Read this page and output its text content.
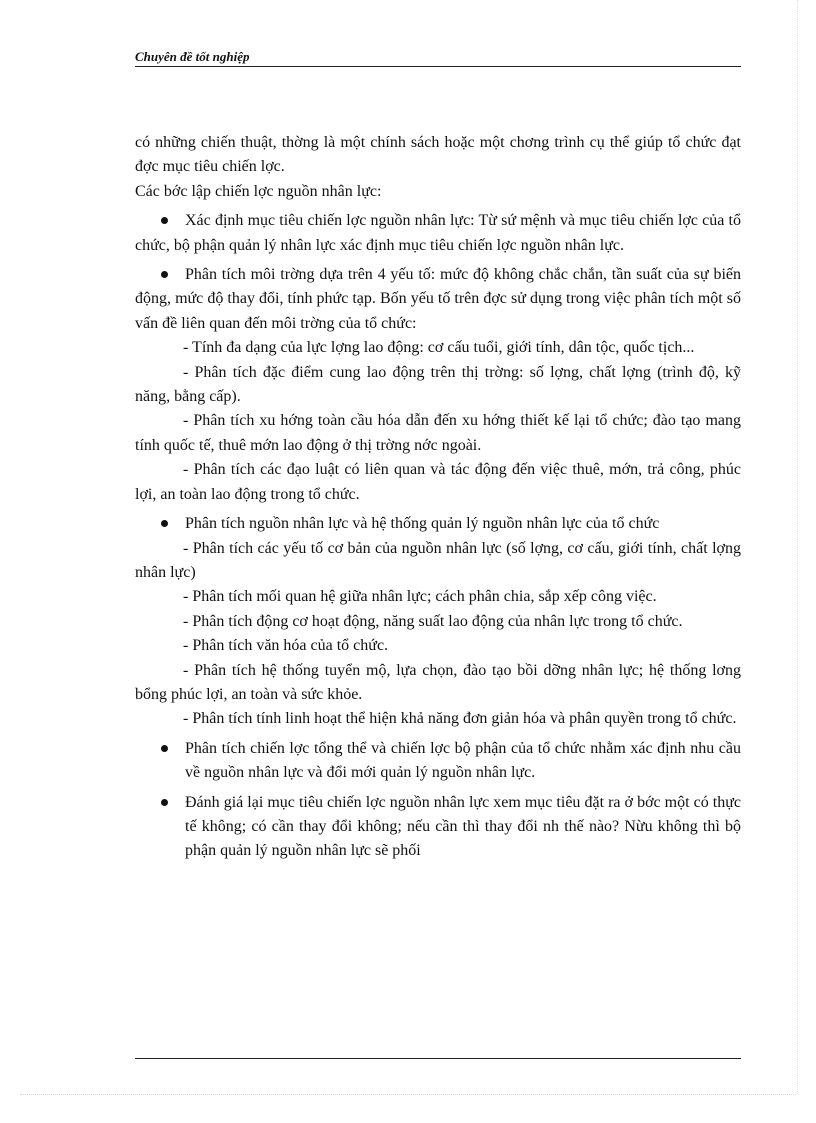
Chuyên đề tốt nghiệp

có những chiến thuật, thờng là một chính sách hoặc một chơng trình cụ thể giúp tổ chức đạt đợc mục tiêu chiến lợc.

Các bớc lập chiến lợc nguồn nhân lực:

Xác định mục tiêu chiến lợc nguồn nhân lực: Từ sứ mệnh và mục tiêu chiến lợc của tổ chức, bộ phận quản lý nhân lực xác định mục tiêu chiến lợc nguồn nhân lực.

Phân tích môi trờng dựa trên 4 yếu tố: mức độ không chắc chắn, tần suất của sự biến động, mức độ thay đổi, tính phức tạp. Bốn yếu tố trên đợc sử dụng trong việc phân tích một số vấn đề liên quan đến môi trờng của tổ chức:

- Tính đa dạng của lực lợng lao động: cơ cấu tuổi, giới tính, dân tộc, quốc tịch...

- Phân tích đặc điểm cung lao động trên thị trờng: số lợng, chất lợng (trình độ, kỹ năng, bằng cấp).

- Phân tích xu hớng toàn cầu hóa dẫn đến xu hớng thiết kế lại tổ chức; đào tạo mang tính quốc tế, thuê mớn lao động ở thị trờng nớc ngoài.

- Phân tích các đạo luật có liên quan và tác động đến việc thuê, mớn, trả công, phúc lợi, an toàn lao động trong tổ chức.

Phân tích nguồn nhân lực và hệ thống quản lý nguồn nhân lực của tổ chức

- Phân tích các yếu tố cơ bản của nguồn nhân lực (số lợng, cơ cấu, giới tính, chất lợng nhân lực)

- Phân tích mối quan hệ giữa nhân lực; cách phân chia, sắp xếp công việc.

- Phân tích động cơ hoạt động, năng suất lao động của nhân lực trong tổ chức.

- Phân tích văn hóa của tổ chức.

- Phân tích hệ thống tuyển mộ, lựa chọn, đào tạo bồi dỡng nhân lực; hệ thống lơng bổng phúc lợi, an toàn và sức khỏe.

- Phân tích tính linh hoạt thể hiện khả năng đơn giản hóa và phân quyền trong tổ chức.

Phân tích chiến lợc tổng thể và chiến lợc bộ phận của tổ chức nhằm xác định nhu cầu về nguồn nhân lực và đổi mới quản lý nguồn nhân lực.

Đánh giá lại mục tiêu chiến lợc nguồn nhân lực xem mục tiêu đặt ra ở bớc một có thực tế không; có cần thay đổi không; nếu cần thì thay đổi nh thế nào? Nừu không thì bộ phận quản lý nguồn nhân lực sẽ phối
